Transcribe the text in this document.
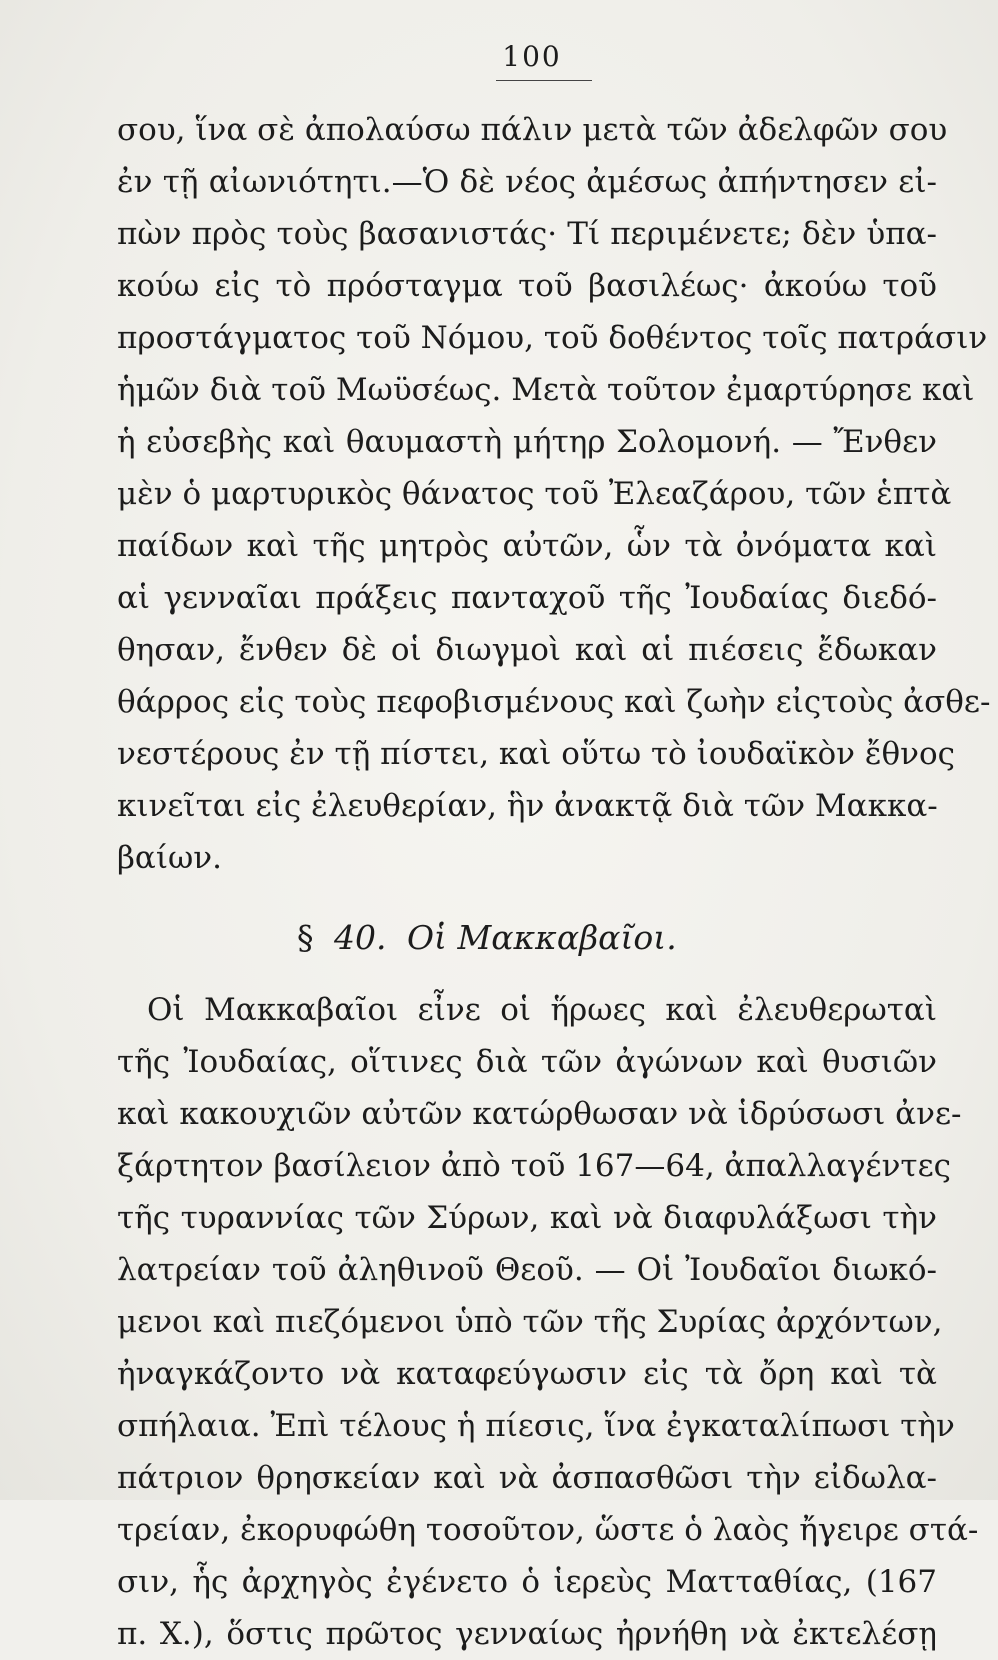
100
σου, ἵνα σὲ ἀπολαύσω πάλιν μετὰ τῶν ἀδελφῶν σου
ἐν τῇ αἰωνιότητι.—Ὁ δὲ νέος ἀμέσως ἀπήντησεν εἰ-
πὼν πρὸς τοὺς βασανιστάς· Τί περιμένετε; δὲν ὑπα-
κούω εἰς τὸ πρόσταγμα τοῦ βασιλέως· ἀκούω τοῦ
προστάγματος τοῦ Νόμου, τοῦ δοθέντος τοῖς πατράσιν
ἡμῶν διὰ τοῦ Μωϋσέως. Μετὰ τοῦτον ἐμαρτύρησε καὶ
ἡ εὐσεβὴς καὶ θαυμαστὴ μήτηρ Σολομονή. — Ἔνθεν
μὲν ὁ μαρτυρικὸς θάνατος τοῦ Ἐλεαζάρου, τῶν ἑπτὰ
παίδων καὶ τῆς μητρὸς αὐτῶν, ὧν τὰ ὀνόματα καὶ
αἱ γενναῖαι πράξεις πανταχοῦ τῆς Ἰουδαίας διεδό-
θησαν, ἔνθεν δὲ οἱ διωγμοὶ καὶ αἱ πιέσεις ἔδωκαν
θάρρος εἰς τοὺς πεφοβισμένους καὶ ζωὴν εἰςτοὺς ἀσθε-
νεστέρους ἐν τῇ πίστει, καὶ οὕτω τὸ ἰουδαϊκὸν ἔθνος
κινεῖται εἰς ἐλευθερίαν, ἣν ἀνακτᾷ διὰ τῶν Μακκα-
βαίων.
§ 40. Οἱ Μακκαβαῖοι.
Οἱ Μακκαβαῖοι εἶνε οἱ ἥρωες καὶ ἐλευθερωταὶ
τῆς Ἰουδαίας, οἵτινες διὰ τῶν ἀγώνων καὶ θυσιῶν
καὶ κακουχιῶν αὐτῶν κατώρθωσαν νὰ ἱδρύσωσι ἀνε-
ξάρτητον βασίλειον ἀπὸ τοῦ 167—64, ἀπαλλαγέντες
τῆς τυραννίας τῶν Σύρων, καὶ νὰ διαφυλάξωσι τὴν
λατρείαν τοῦ ἀληθινοῦ Θεοῦ. — Οἱ Ἰουδαῖοι διωκό-
μενοι καὶ πιεζόμενοι ὑπὸ τῶν τῆς Συρίας ἀρχόντων,
ἠναγκάζοντο νὰ καταφεύγωσιν εἰς τὰ ὄρη καὶ τὰ
σπήλαια. Ἐπὶ τέλους ἡ πίεσις, ἵνα ἐγκαταλίπωσι τὴν
πάτριον θρησκείαν καὶ νὰ ἀσπασθῶσι τὴν εἰδωλα-
τρείαν, ἐκορυφώθη τοσοῦτον, ὥστε ὁ λαὸς ἤγειρε στά-
σιν, ἧς ἀρχηγὸς ἐγένετο ὁ ἱερεὺς Ματταθίας, (167
π. Χ.), ὅστις πρῶτος γενναίως ἠρνήθη νὰ ἐκτελέσῃ
